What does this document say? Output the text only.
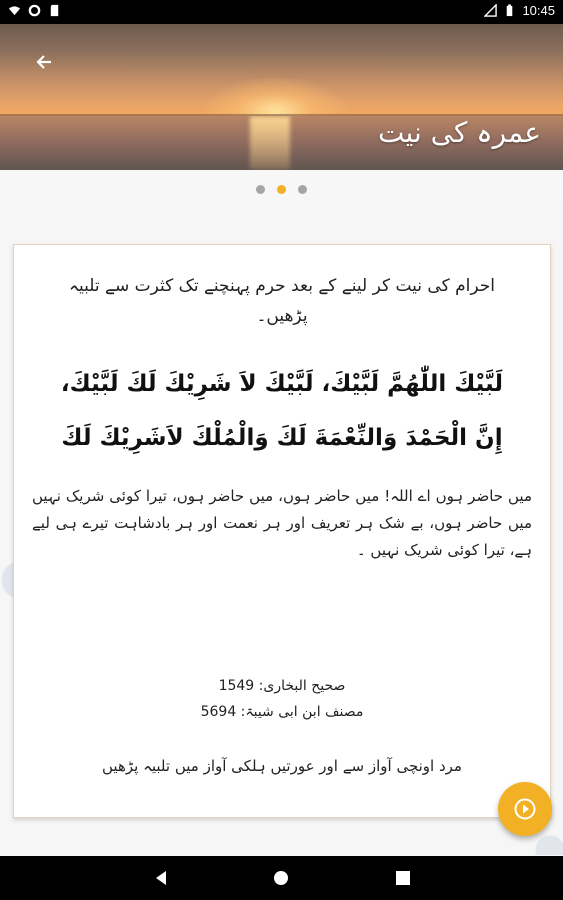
10:45
عمرہ کی نیت
احرام کی نیت کر لینے کے بعد حرم پہنچنے تک کثرت سے تلبیہ پڑھیں۔
لَبَّيْكَ اللّٰهُمَّ لَبَّيْكَ، لَبَّيْكَ لاَ شَرِيْكَ لَكَ لَبَّيْكَ،
إِنَّ الْحَمْدَ وَالنِّعْمَةَ لَكَ وَالْمُلْكَ لاَشَرِيْكَ لَكَ
میں حاضر ہوں اے اللہ! میں حاضر ہوں، میں حاضر ہوں، تیرا کوئی شریک نہیں میں حاضر ہوں، بے شک ہر تعریف اور ہر نعمت اور ہر بادشاہت تیرے ہی لیے ہے، تیرا کوئی شریک نہیں ۔
صحیح البخاری: 1549
مصنف ابن ابی شیبۃ: 5694
مرد اونچی آواز سے اور عورتیں ہلکی آواز میں تلبیہ پڑھیں
